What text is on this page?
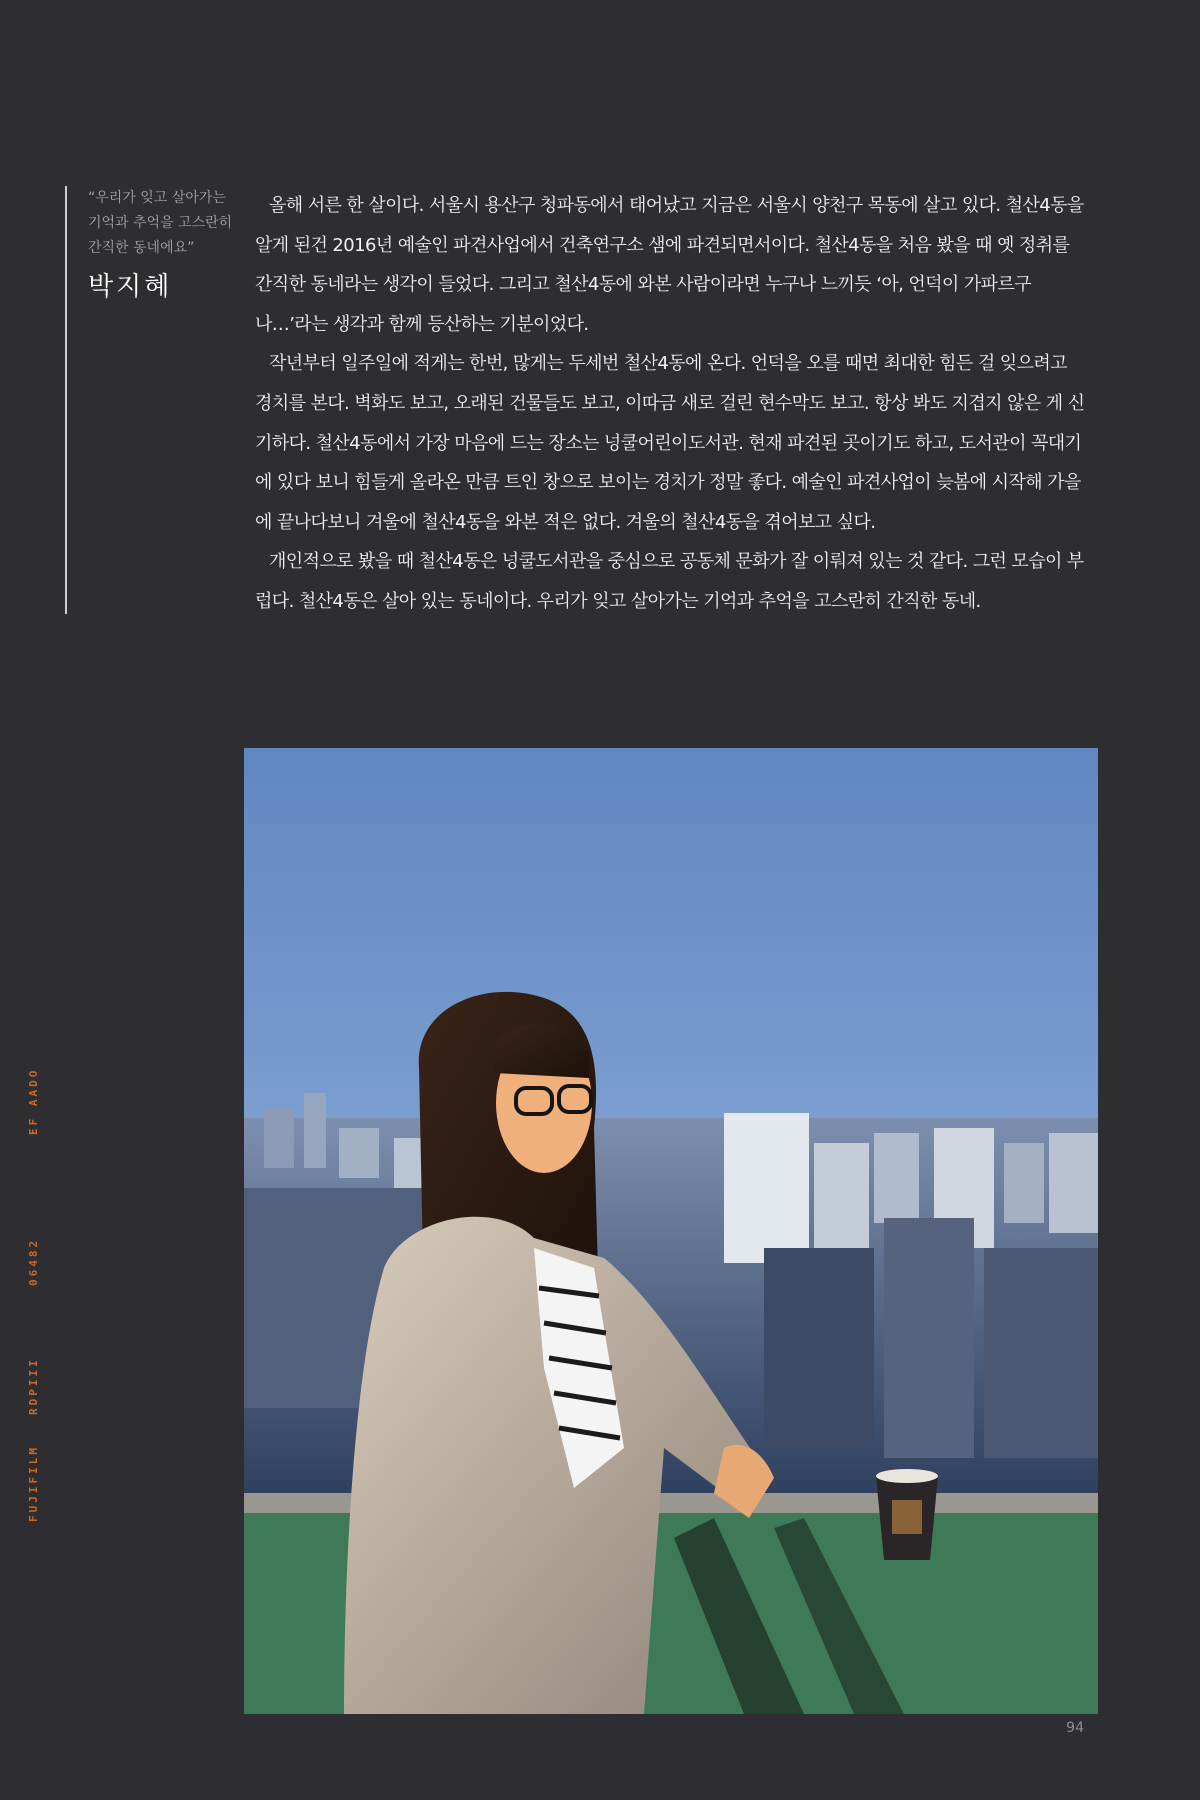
“우리가 잊고 살아가는
기억과 추억을 고스란히
간직한 동네에요”

박지혜

올해 서른 한 살이다. 서울시 용산구 청파동에서 태어났고 지금은 서울시 양천구 목동에 살고 있다. 철산4동을 알게 된건 2016년 예술인 파견사업에서 건축연구소 샘에 파견되면서이다. 철산4동을 처음 봤을 때 옛 정취를 간직한 동네라는 생각이 들었다. 그리고 철산4동에 와본 사람이라면 누구나 느끼듯 ‘아, 언덕이 가파르구나…’라는 생각과 함께 등산하는 기분이었다.

작년부터 일주일에 적게는 한번, 많게는 두세번 철산4동에 온다. 언덕을 오를 때면 최대한 힘든 걸 잊으려고 경치를 본다. 벽화도 보고, 오래된 건물들도 보고, 이따금 새로 걸린 현수막도 보고. 항상 봐도 지겹지 않은 게 신기하다. 철산4동에서 가장 마음에 드는 장소는 넝쿨어린이도서관. 현재 파견된 곳이기도 하고, 도서관이 꼭대기에 있다 보니 힘들게 올라온 만큼 트인 창으로 보이는 경치가 정말 좋다. 예술인 파견사업이 늦봄에 시작해 가을에 끝나다보니 겨울에 철산4동을 와본 적은 없다. 겨울의 철산4동을 겪어보고 싶다.

개인적으로 봤을 때 철산4동은 넝쿨도서관을 중심으로 공동체 문화가 잘 이뤄져 있는 것 같다. 그런 모습이 부럽다. 철산4동은 살아 있는 동네이다. 우리가 잊고 살아가는 기억과 추억을 고스란히 간직한 동네.

FUJIFILM
RDPIII
06482
EF AADO
94
